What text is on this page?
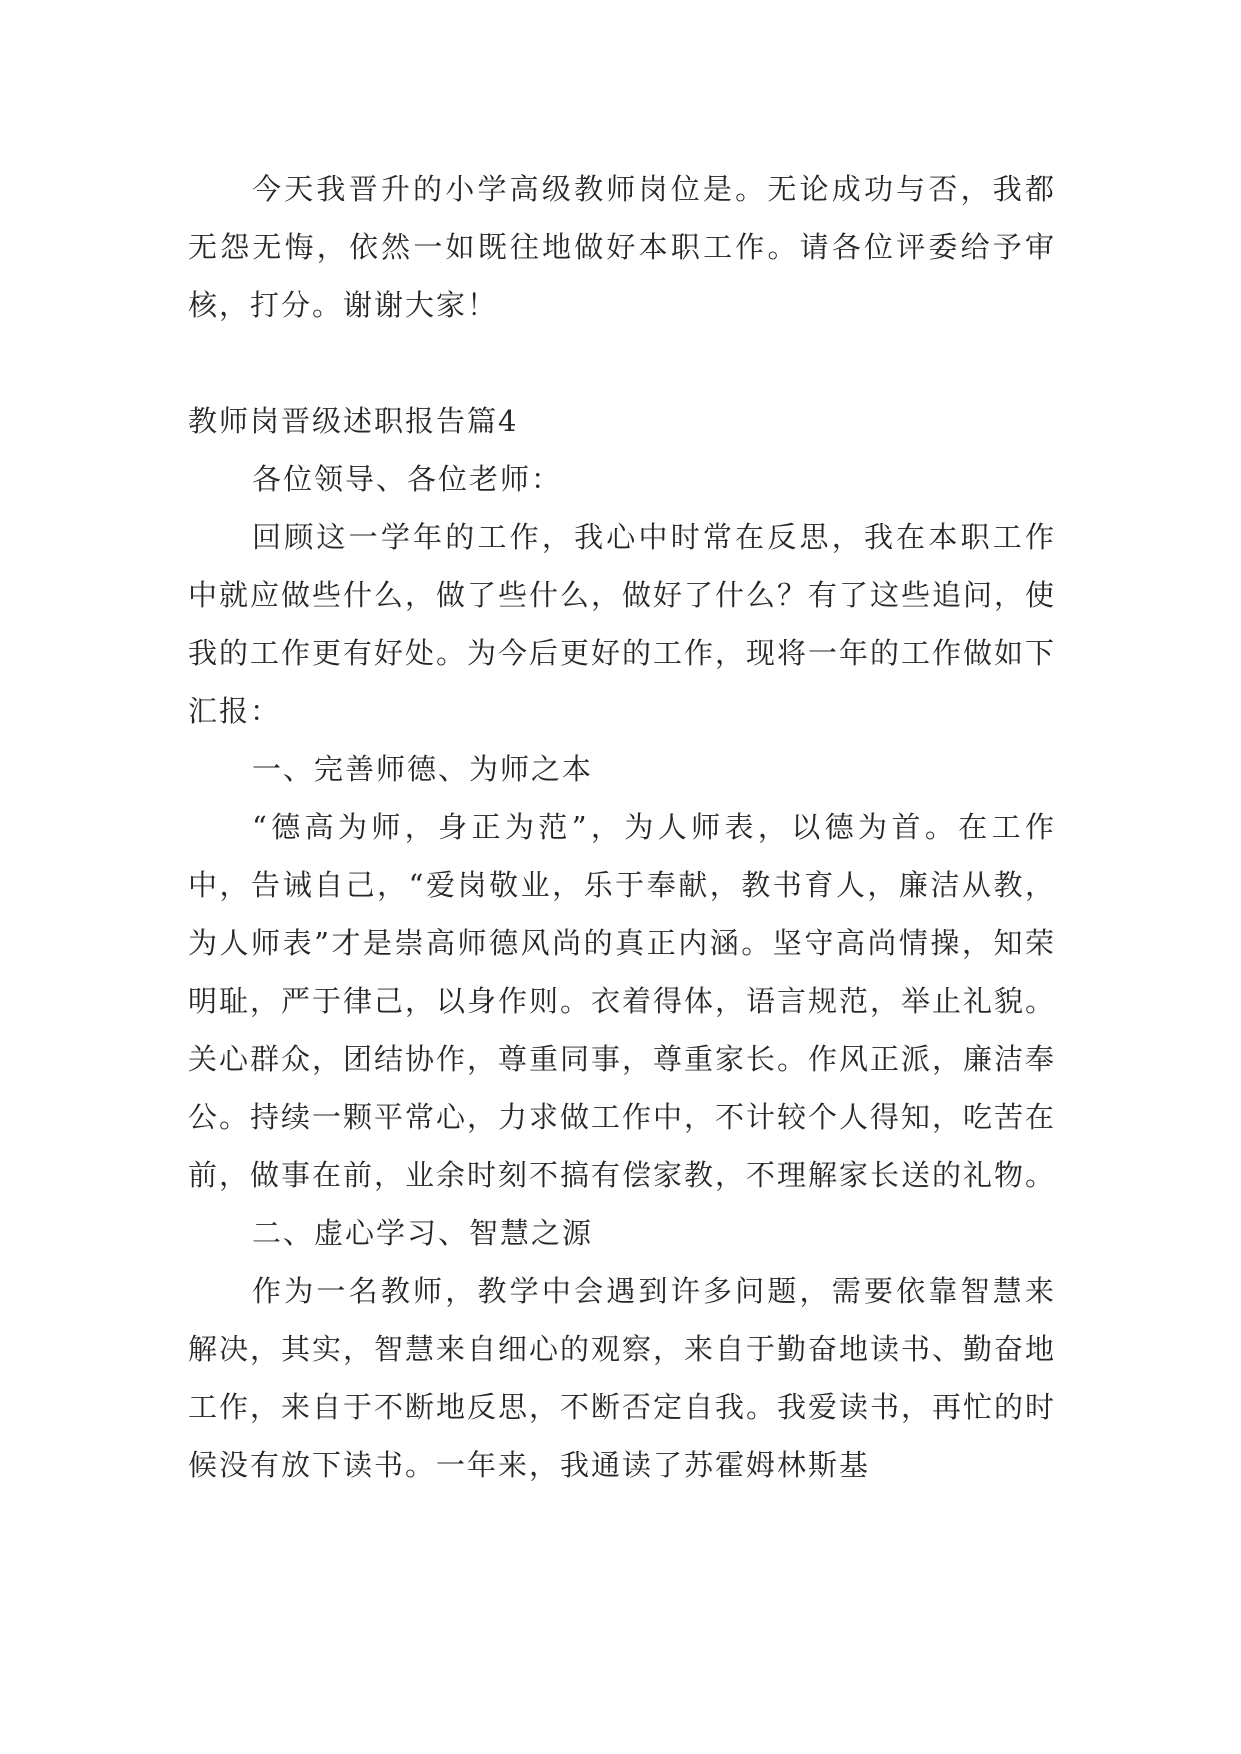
今天我晋升的小学高级教师岗位是。无论成功与否，我都无怨无悔，依然一如既往地做好本职工作。请各位评委给予审核，打分。谢谢大家！

教师岗晋级述职报告篇4

各位领导、各位老师：

回顾这一学年的工作，我心中时常在反思，我在本职工作中就应做些什么，做了些什么，做好了什么？有了这些追问，使我的工作更有好处。为今后更好的工作，现将一年的工作做如下汇报：

一、完善师德、为师之本

“德高为师，身正为范”，为人师表，以德为首。在工作中，告诫自己，“爱岗敬业，乐于奉献，教书育人，廉洁从教，为人师表”才是崇高师德风尚的真正内涵。坚守高尚情操，知荣明耻，严于律己，以身作则。衣着得体，语言规范，举止礼貌。关心群众，团结协作，尊重同事，尊重家长。作风正派，廉洁奉公。持续一颗平常心，力求做工作中，不计较个人得知，吃苦在前，做事在前，业余时刻不搞有偿家教，不理解家长送的礼物。

二、虚心学习、智慧之源

作为一名教师，教学中会遇到许多问题，需要依靠智慧来解决，其实，智慧来自细心的观察，来自于勤奋地读书、勤奋地工作，来自于不断地反思，不断否定自我。我爱读书，再忙的时候没有放下读书。一年来，我通读了苏霍姆林斯基
